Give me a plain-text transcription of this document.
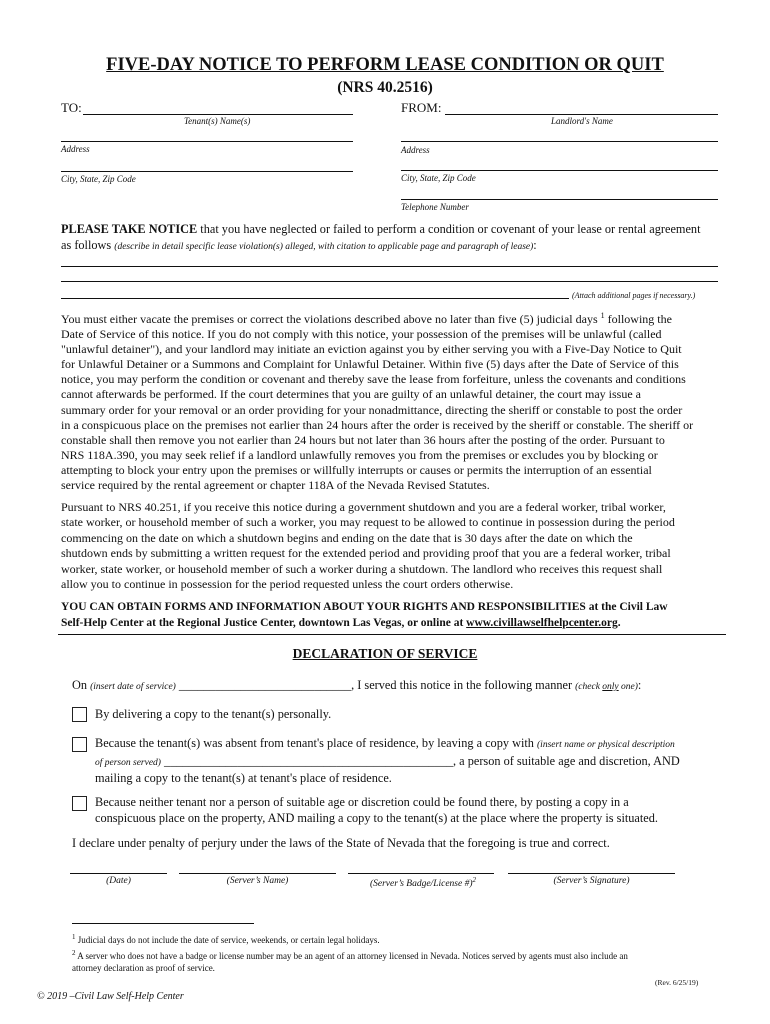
FIVE-DAY NOTICE TO PERFORM LEASE CONDITION OR QUIT
(NRS 40.2516)
TO:
Tenant(s) Name(s)
Address
City, State, Zip Code
FROM:
Landlord's Name
Address
City, State, Zip Code
Telephone Number
PLEASE TAKE NOTICE that you have neglected or failed to perform a condition or covenant of your lease or rental agreement
as follows (describe in detail specific lease violation(s) alleged, with citation to applicable page and paragraph of lease):
(Attach additional pages if necessary.)
You must either vacate the premises or correct the violations described above no later than five (5) judicial days $^1$ following the
Date of Service of this notice. If you do not comply with this notice, your possession of the premises will be unlawful (called
"unlawful detainer"), and your landlord may initiate an eviction against you by either serving you with a Five-Day Notice to Quit
for Unlawful Detainer or a Summons and Complaint for Unlawful Detainer. Within five (5) days after the Date of Service of this
notice, you may perform the condition or covenant and thereby save the lease from forfeiture, unless the covenants and conditions
cannot afterwards be performed. If the court determines that you are guilty of an unlawful detainer, the court may issue a
summary order for your removal or an order providing for your nonadmittance, directing the sheriff or constable to post the order
in a conspicuous place on the premises not earlier than 24 hours after the order is received by the sheriff or constable. The sheriff or
constable shall then remove you not earlier than 24 hours but not later than 36 hours after the posting of the order. Pursuant to
NRS 118A.390, you may seek relief if a landlord unlawfully removes you from the premises or excludes you by blocking or
attempting to block your entry upon the premises or willfully interrupts or causes or permits the interruption of an essential
service required by the rental agreement or chapter 118A of the Nevada Revised Statutes.
Pursuant to NRS 40.251, if you receive this notice during a government shutdown and you are a federal worker, tribal worker,
state worker, or household member of such a worker, you may request to be allowed to continue in possession during the period
commencing on the date on which a shutdown begins and ending on the date that is 30 days after the date on which the
shutdown ends by submitting a written request for the extended period and providing proof that you are a federal worker, tribal
worker, state worker, or household member of such a worker during a shutdown. The landlord who receives this request shall
allow you to continue in possession for the period requested unless the court orders otherwise.
YOU CAN OBTAIN FORMS AND INFORMATION ABOUT YOUR RIGHTS AND RESPONSIBILITIES at the Civil Law
Self-Help Center at the Regional Justice Center, downtown Las Vegas, or online at www.civillawselfhelpcenter.org.
DECLARATION OF SERVICE
On (insert date of service) ____________________________, I served this notice in the following manner (check only one):
By delivering a copy to the tenant(s) personally.
Because the tenant(s) was absent from tenant's place of residence, by leaving a copy with (insert name or physical description
of person served) _______________________________________________, a person of suitable age and discretion, AND
mailing a copy to the tenant(s) at tenant's place of residence.
Because neither tenant nor a person of suitable age or discretion could be found there, by posting a copy in a
conspicuous place on the property, AND mailing a copy to the tenant(s) at the place where the property is situated.
I declare under penalty of perjury under the laws of the State of Nevada that the foregoing is true and correct.
(Date)	(Server’s Name)	(Server’s Badge/License #)$^2$	(Server’s Signature)
$^1$ Judicial days do not include the date of service, weekends, or certain legal holidays.
$^2$ A server who does not have a badge or license number may be an agent of an attorney licensed in Nevada. Notices served by agents must also include an
attorney declaration as proof of service.
(Rev. 6/25/19)
© 2019 –Civil Law Self-Help Center
